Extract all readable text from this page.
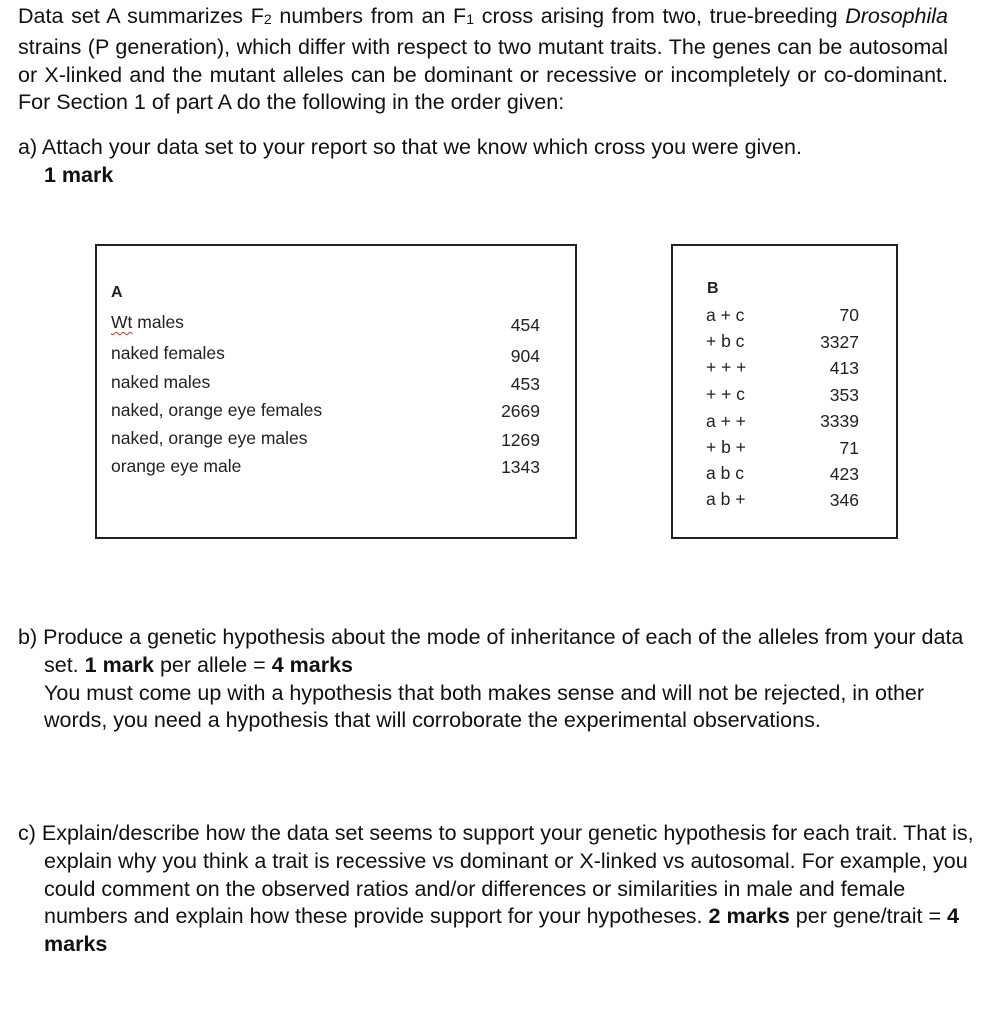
Data set A summarizes F2 numbers from an F1 cross arising from two, true-breeding Drosophila strains (P generation), which differ with respect to two mutant traits. The genes can be autosomal or X-linked and the mutant alleles can be dominant or recessive or incompletely or co-dominant. For Section 1 of part A do the following in the order given:
a) Attach your data set to your report so that we know which cross you were given.
1 mark
A
Wt males	454
naked females	904
naked males	453
naked, orange eye females	2669
naked, orange eye males	1269
orange eye male	1343
B
a + c	70
+ b c	3327
+ + +	413
+ + c	353
a + +	3339
+ b +	71
a b c	423
a b +	346
b) Produce a genetic hypothesis about the mode of inheritance of each of the alleles from your data set. 1 mark per allele = 4 marks
You must come up with a hypothesis that both makes sense and will not be rejected, in other words, you need a hypothesis that will corroborate the experimental observations.
c) Explain/describe how the data set seems to support your genetic hypothesis for each trait. That is, explain why you think a trait is recessive vs dominant or X-linked vs autosomal. For example, you could comment on the observed ratios and/or differences or similarities in male and female numbers and explain how these provide support for your hypotheses. 2 marks per gene/trait = 4 marks
